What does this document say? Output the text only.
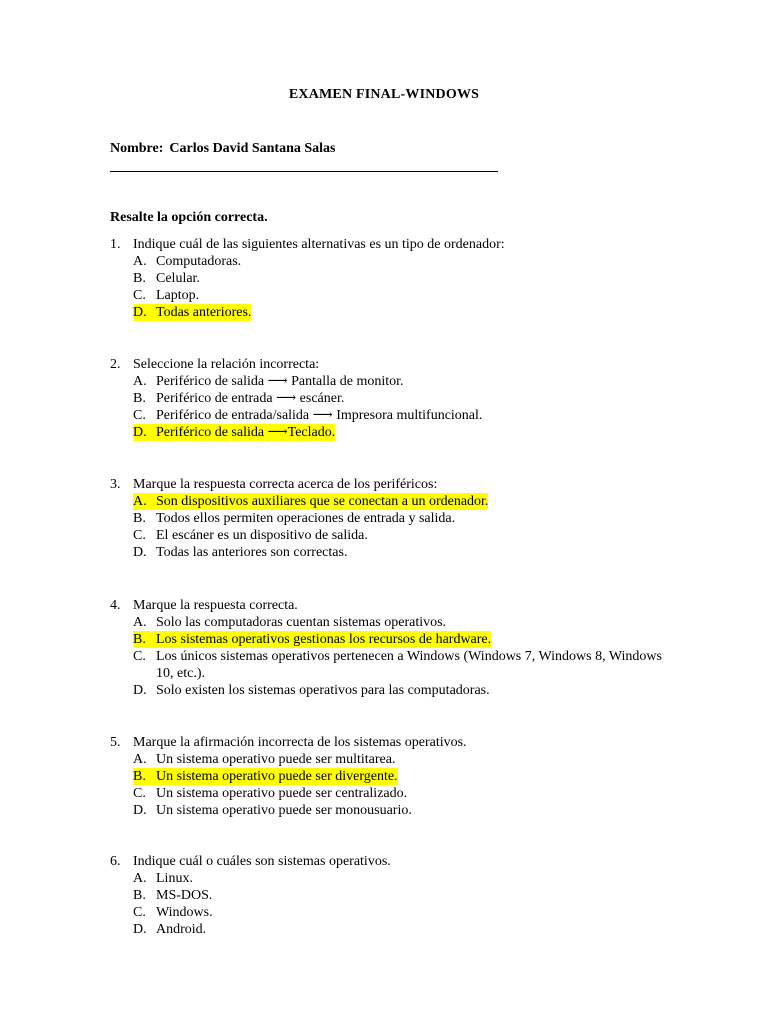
EXAMEN FINAL-WINDOWS
Nombre: Carlos David Santana Salas
Resalte la opción correcta.
1. Indique cuál de las siguientes alternativas es un tipo de ordenador:
A. Computadoras.
B. Celular.
C. Laptop.
D. Todas anteriores.
2. Seleccione la relación incorrecta:
A. Periférico de salida ⟶ Pantalla de monitor.
B. Periférico de entrada ⟶ escáner.
C. Periférico de entrada/salida ⟶ Impresora multifuncional.
D. Periférico de salida ⟶Teclado.
3. Marque la respuesta correcta acerca de los periféricos:
A. Son dispositivos auxiliares que se conectan a un ordenador.
B. Todos ellos permiten operaciones de entrada y salida.
C. El escáner es un dispositivo de salida.
D. Todas las anteriores son correctas.
4. Marque la respuesta correcta.
A. Solo las computadoras cuentan sistemas operativos.
B. Los sistemas operativos gestionas los recursos de hardware.
C. Los únicos sistemas operativos pertenecen a Windows (Windows 7, Windows 8, Windows 10, etc.).
D. Solo existen los sistemas operativos para las computadoras.
5. Marque la afirmación incorrecta de los sistemas operativos.
A. Un sistema operativo puede ser multitarea.
B. Un sistema operativo puede ser divergente.
C. Un sistema operativo puede ser centralizado.
D. Un sistema operativo puede ser monousuario.
6. Indique cuál o cuáles son sistemas operativos.
A. Linux.
B. MS-DOS.
C. Windows.
D. Android.
